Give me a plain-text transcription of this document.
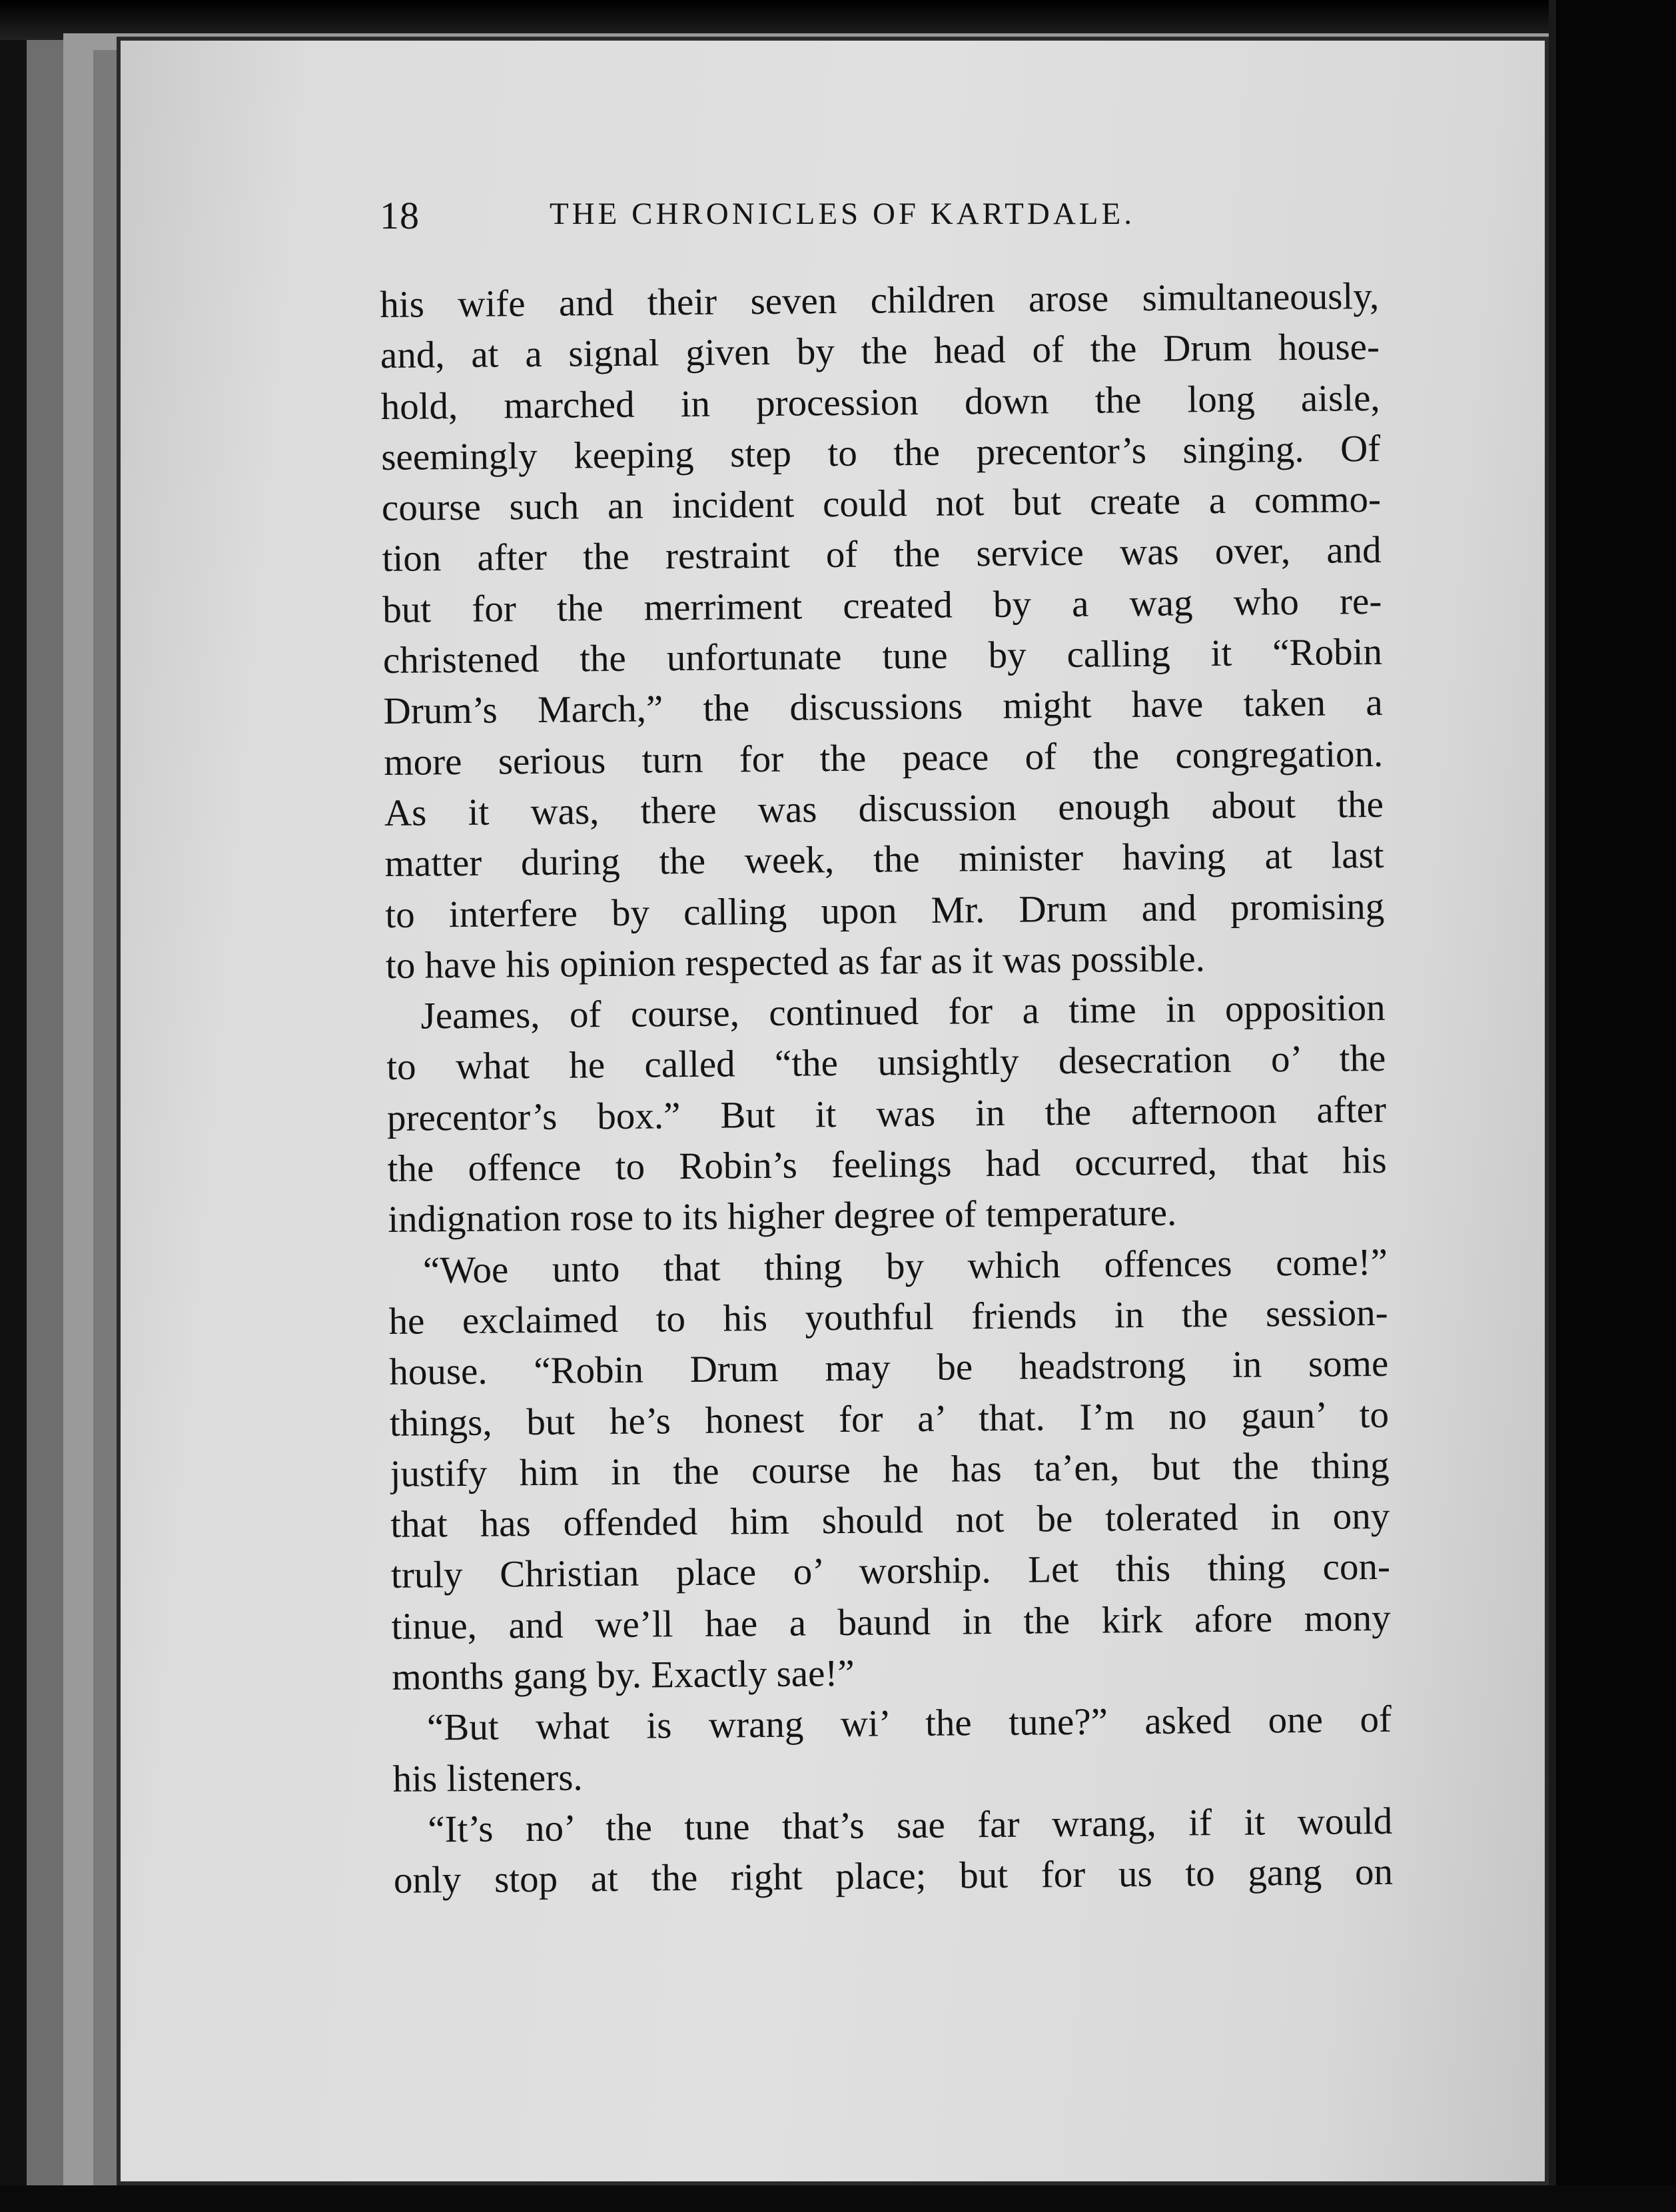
18	THE CHRONICLES OF KARTDALE.
his wife and their seven children arose simultaneously,
and, at a signal given by the head of the Drum house-
hold, marched in procession down the long aisle,
seemingly keeping step to the precentor’s singing. Of
course such an incident could not but create a commo-
tion after the restraint of the service was over, and
but for the merriment created by a wag who re-
christened the unfortunate tune by calling it “Robin
Drum’s March,” the discussions might have taken a
more serious turn for the peace of the congregation.
As it was, there was discussion enough about the
matter during the week, the minister having at last
to interfere by calling upon Mr. Drum and promising
to have his opinion respected as far as it was possible.
Jeames, of course, continued for a time in opposition
to what he called “the unsightly desecration o’ the
precentor’s box.” But it was in the afternoon after
the offence to Robin’s feelings had occurred, that his
indignation rose to its higher degree of temperature.
“Woe unto that thing by which offences come!”
he exclaimed to his youthful friends in the session-
house. “Robin Drum may be headstrong in some
things, but he’s honest for a’ that. I’m no gaun’ to
justify him in the course he has ta’en, but the thing
that has offended him should not be tolerated in ony
truly Christian place o’ worship. Let this thing con-
tinue, and we’ll hae a baund in the kirk afore mony
months gang by. Exactly sae!”
“But what is wrang wi’ the tune?” asked one of
his listeners.
“It’s no’ the tune that’s sae far wrang, if it would
only stop at the right place; but for us to gang on
